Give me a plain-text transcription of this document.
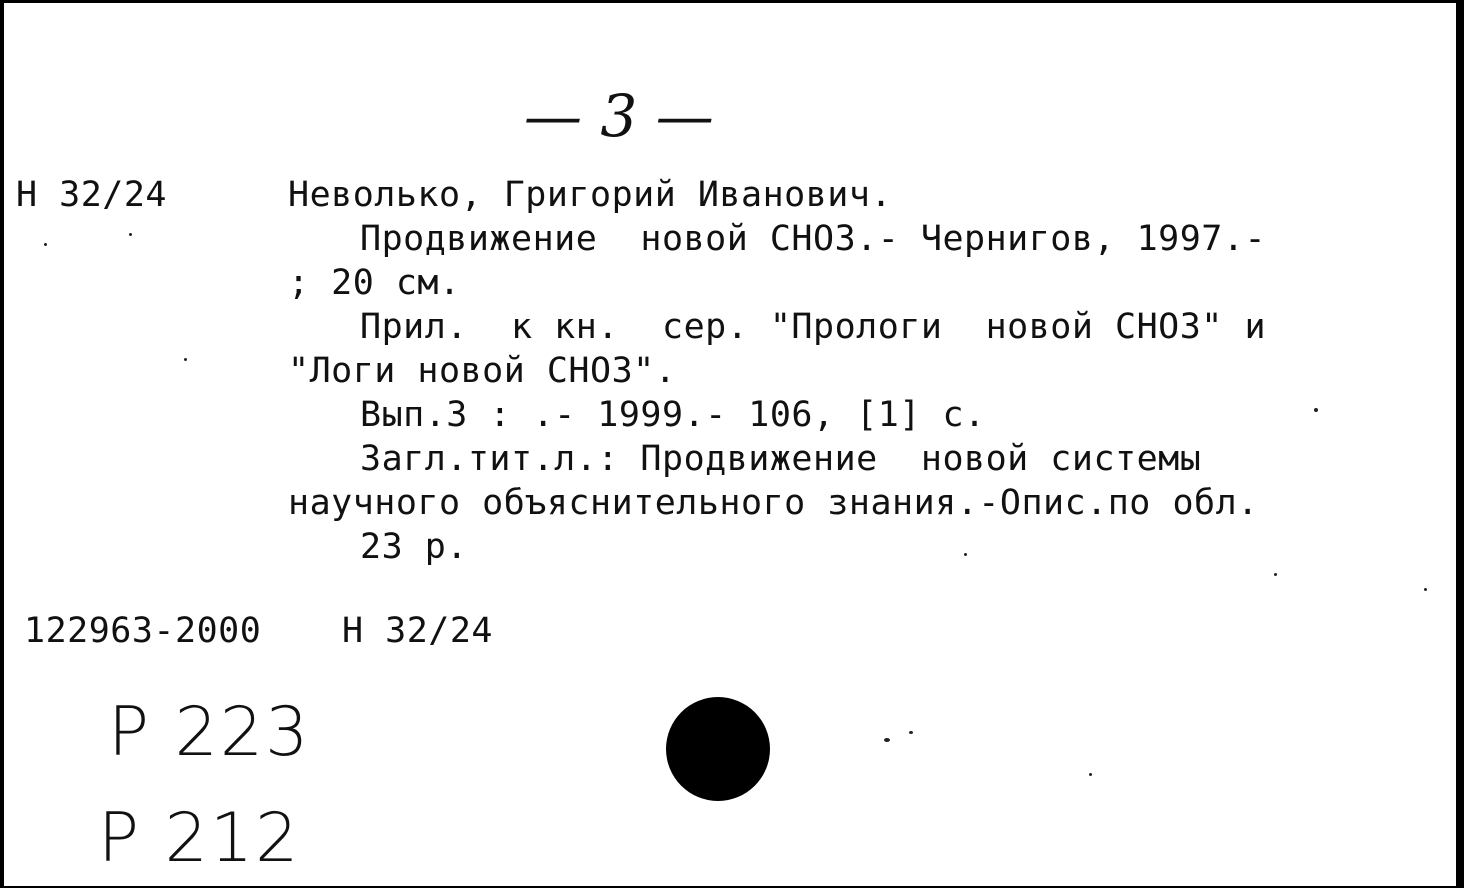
— 3 —
Н 32/24	Неволько, Григорий Иванович.
Продвижение  новой СНОЗ.- Чернигов, 1997.-
; 20 см.
Прил.  к кн.  сер. "Прологи  новой СНОЗ" и
"Логи новой СНОЗ".
Вып.3 : .- 1999.- 106, [1] с.
Загл.тит.л.: Продвижение  новой системы
научного объяснительного знания.-Опис.по обл.
23 р.
122963-2000 Н 32/24
Р 223
Р 212
